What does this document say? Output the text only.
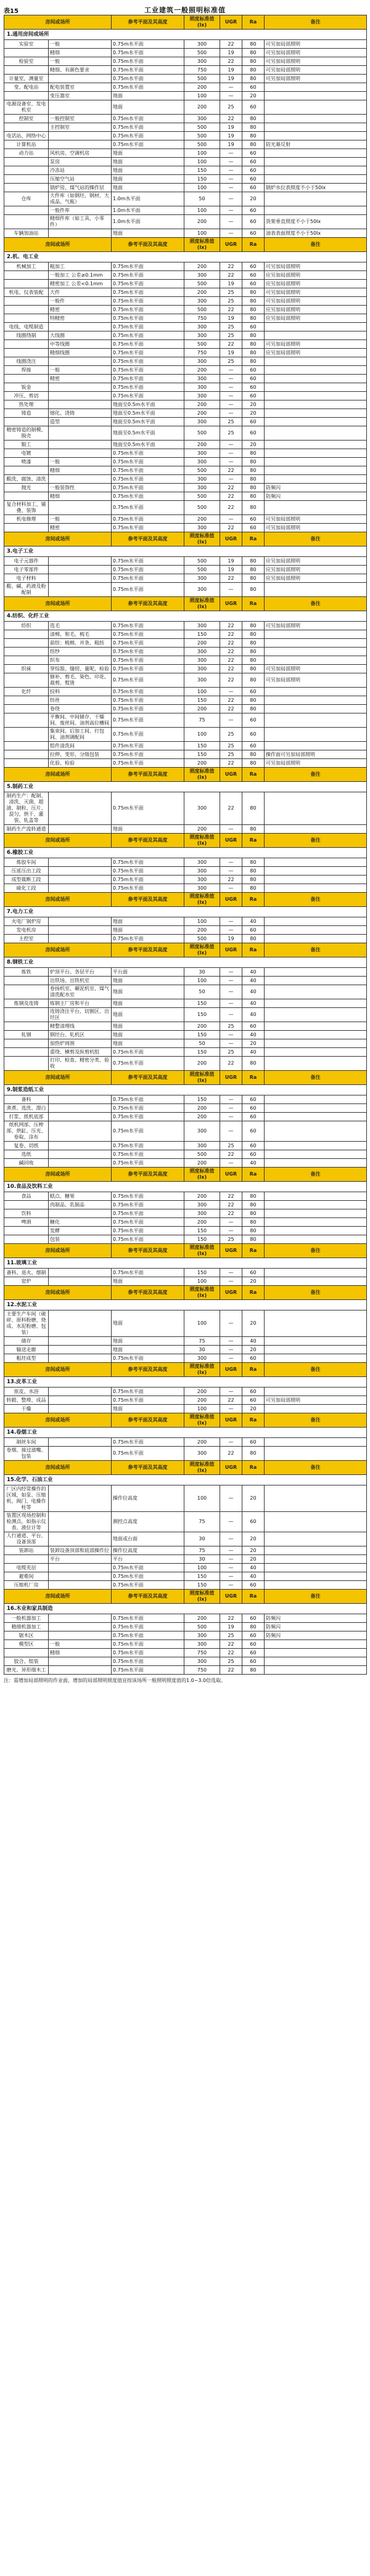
表15	工业建筑一般照明标准值
房间或场所		参考平面及其高度	照度标准值(lx)	UGR	Ra	备注
1.通用房间或场所						
实验室	一般	0.75m水平面	300	22	80	可另加局部照明
	精细	0.75m水平面	500	19	80	可另加局部照明
检验室	一般	0.75m水平面	300	22	80	可另加局部照明
	精细、有颜色要求	0.75m水平面	750	19	80	可另加局部照明
计量室，测量室		0.75m水平面	500	19	80	可另加局部照明
变、配电站	配电装置室	0.75m水平面	200	—	60	
	变压器室	地面	100	—	20	
电源设备室、发电机室		地面	200	25	60	
控制室	一般控制室	0.75m水平面	300	22	80	
	主控制室	0.75m水平面	500	19	80	
电话站、网络中心		0.75m水平面	500	19	80	
计算机站		0.75m水平面	500	19	80	防光幕反射
动力站	风机房、空调机房	地面	100	—	60	
	泵房	地面	100	—	60	
	冷冻站	地面	150	—	60	
	压缩空气站	地面	150	—	60	
	锅炉房、煤气站的操作层	地面	100	—	60	锅炉水位表照度不小于50lx
仓库	大件库（如钢坯、钢材、大成品、气瓶）	1.0m水平面	50	—	20	
	一般件库	1.0m水平面	100	—	60	
	精细件库（如工具、小零件）	1.0m水平面	200	—	60	货架垂直照度不小于50lx
车辆加油站		地面	100	—	60	油表表面照度不小于50lx
房间或场所		参考平面及其高度	照度标准值(lx)	UGR	Ra	备注
2.机、电工业						
机械加工	粗加工	0.75m水平面	200	22	60	可另加局部照明
	一般加工 公差≥0.1mm	0.75m水平面	300	22	60	应另加局部照明
	精密加工 公差<0.1mm	0.75m水平面	500	19	60	应另加局部照明
机电、仪表装配	大件	0.75m水平面	200	25	80	可另加局部照明
	一般件	0.75m水平面	300	25	80	可另加局部照明
	精密	0.75m水平面	500	22	80	应另加局部照明
	特精密	0.75m水平面	750	19	80	应另加局部照明
电线、电缆制造		0.75m水平面	300	25	60	
线圈绕制	大线圈	0.75m水平面	300	25	80	
	中等线圈	0.75m水平面	500	22	80	可另加局部照明
	精细线圈	0.75m水平面	750	19	80	应另加局部照明
线圈浇注		0.75m水平面	300	25	80	
焊接	一般	0.75m水平面	200	—	60	
	精密	0.75m水平面	300	—	60	
钣金		0.75m水平面	300	—	60	
冲压、剪切		0.75m水平面	300	—	60	
热处理		地面至0.5m水平面	200	—	20	
铸造	熔化、浇铸	地面至0.5m水平面	200	—	20	
	造型	地面至0.5m水平面	300	25	60	
精密铸造的制模、脱壳		地面至0.5m水平面	500	25	60	
锻工		地面至0.5m水平面	200	—	20	
电镀		0.75m水平面	300	—	80	
喷漆	一般	0.75m水平面	300	—	80	
	精细	0.75m水平面	500	22	80	
酸洗、腐蚀、清洗		0.75m水平面	300	—	80	
抛光	一般装饰性	0.75m水平面	300	22	80	防频闪
	精细	0.75m水平面	500	22	80	防频闪
复合材料加工、铺叠、装饰		0.75m水平面	500	22	80	
机电修理	一般	0.75m水平面	200	—	60	可另加局部照明
	精密	0.75m水平面	300	22	60	可另加局部照明
房间或场所		参考平面及其高度	照度标准值(lx)	UGR	Ra	备注
3.电子工业						
电子元器件		0.75m水平面	500	19	80	应另加局部照明
电子零部件		0.75m水平面	500	19	80	应另加局部照明
电子材料		0.75m水平面	300	22	80	应另加局部照明
酸、碱、药液及粉配制		0.75m水平面	300	—	80	
房间或场所		参考平面及其高度	照度标准值(lx)	UGR	Ra	备注
4.纺织、化纤工业						
纺织	选毛	0.75m水平面	300	22	80	可另加局部照明
	清棉、和毛、梳毛	0.75m水平面	150	22	80	
	前纺：梳棉、并条、粗纺	0.75m水平面	200	22	80	
	纺纱	0.75m水平面	300	22	80	
	织布	0.75m水平面	300	22	80	
织袜	穿综筘、缝纫、量呢、检验	0.75m水平面	300	22	80	可另加局部照明
	修补、剪毛、染色、印花、裁剪、熨烫	0.75m水平面	300	22	80	可另加局部照明
化纤	投料	0.75m水平面	100	—	60	
	纺丝	0.75m水平面	150	22	80	
	卷绕	0.75m水平面	200	22	80	
	平衡间、中间储存、干燥间、废丝间、油剂高位槽间	0.75m水平面	75	—	60	
	集束间、后加工间、打包间、油剂调配间	0.75m水平面	100	25	60	
	组件清洗间	0.75m水平面	150	25	60	
	拉伸、变形、分级包装	0.75m水平面	150	25	80	操作面可另加局部照明
	化验、检验	0.75m水平面	200	22	80	可另加局部照明
房间或场所		参考平面及其高度	照度标准值(lx)	UGR	Ra	备注
5.制药工业						
制药生产：配制、清洗、灭菌、超滤、制粒、压片、混匀、烘干、灌装、轧盖等		0.75m水平面	300	22	80	
制药生产流转通道		地面	200	—	80	
房间或场所		参考平面及其高度	照度标准值(lx)	UGR	Ra	备注
6.橡胶工业						
炼胶车间		0.75m水平面	300	—	80	
压延压出工段		0.75m水平面	300	—	80	
成型裁断工段		0.75m水平面	300	22	80	
硫化工段		0.75m水平面	300	—	80	
房间或场所		参考平面及其高度	照度标准值(lx)	UGR	Ra	备注
7.电力工业						
火电厂锅炉房		地面	100	—	40	
发电机房		地面	200	—	60	
主控室		0.75m水平面	500	19	80	
房间或场所		参考平面及其高度	照度标准值(lx)	UGR	Ra	备注
8.钢铁工业						
炼铁	炉顶平台、各层平台	平台面	30	—	40	
	出铁场、出铁机室	地面	100	—	40	
	卷扬机室、碾泥机室、煤气清洗配水室	地面	50	—	40	
炼钢及连铸	炼钢主厂房和平台	地面	150	—	40	
	连铸浇注平台、切割区、出坯区	地面	150	—	40	
	精整清理线	地面	200	25	60	
轧钢	钢坯台、轧机区	地面	150	—	40	
	加热炉周围	地面	50	—	20	
	重绕、横剪及纵剪机组	0.75m水平面	150	25	40	
	打印、检查、精密分类、验收	0.75m水平面	200	22	80	
房间或场所		参考平面及其高度	照度标准值(lx)	UGR	Ra	备注
9.制浆造纸工业						
备料		0.75m水平面	150	—	60	
蒸煮、选洗、漂白		0.75m水平面	200	—	60	
打浆、纸机底部		0.75m水平面	200	—	60	
纸机网部、压榨部、烘缸、压光、卷取、涂布		0.75m水平面	300	—	60	
复卷、切纸		0.75m水平面	300	25	60	
选纸		0.75m水平面	500	22	60	
碱回收		0.75m水平面	200	—	40	
房间或场所		参考平面及其高度	照度标准值(lx)	UGR	Ra	备注
10.食品及饮料工业						
食品	糕点、糖果	0.75m水平面	200	22	80	
	肉制品、乳制品	0.75m水平面	300	22	80	
饮料		0.75m水平面	300	22	80	
啤酒	糖化	0.75m水平面	200	—	80	
	发酵	0.75m水平面	150	—	80	
	包装	0.75m水平面	150	25	80	
房间或场所		参考平面及其高度	照度标准值(lx)	UGR	Ra	备注
11.玻璃工业						
备料、退火、熔制		0.75m水平面	150	—	60	
窑炉		地面	100	—	20	
房间或场所		参考平面及其高度	照度标准值(lx)	UGR	Ra	备注
12.水泥工业						
主要生产车间（破碎、原料粉磨、烧成、水泥粉磨、包装）		地面	100	—	20	
储存		地面	75	—	40	
输送走廊		地面	30	—	20	
粗坯成型		0.75m水平面	300	—	60	
房间或场所		参考平面及其高度	照度标准值(lx)	UGR	Ra	备注
13.皮革工业						
原皮、水浴		0.75m水平面	200	—	60	
转毂、整理、成品		0.75m水平面	200	22	60	可另加局部照明
干燥		地面	100	—	20	
房间或场所		参考平面及其高度	照度标准值(lx)	UGR	Ra	备注
14.卷烟工业						
制丝车间		0.75m水平面	200	—	60	
卷烟、接过滤嘴、包装		0.75m水平面	300	22	80	
房间或场所		参考平面及其高度	照度标准值(lx)	UGR	Ra	备注
15.化学、石油工业						
厂区内经常操作的区域，如泵、压缩机、阀门、电操作柱等		操作位高度	100	—	20	
装置区现场控制和检测点，如指示仪表、液位计等		测控点高度	75	—	60	
人行通道、平台、设备顶部		地面或台面	30	—	20	
装卸站	装卸设备顶部和底部操作位	操作位高度	75	—	20	
	平台	平台	30	—	20	
电缆夹层		0.75m水平面	100	—	40	
避难间		0.75m水平面	150	—	40	
压缩机厂房		0.75m水平面	150	—	60	
房间或场所		参考平面及其高度	照度标准值(lx)	UGR	Ra	备注
16.木业和家具制造						
一般机器加工		0.75m水平面	200	22	60	防频闪
精细机器加工		0.75m水平面	500	19	80	防频闪
锯木区		0.75m水平面	300	25	60	防频闪
模型区	一般	0.75m水平面	300	22	60	
	精细	0.75m水平面	750	22	60	
胶合、组装		0.75m水平面	300	25	60	
磨光、异形细木工		0.75m水平面	750	22	80	
注：需增加局部照明的作业面，增加的局部照明照度值宜按该场所一般照明照度值的1.0~3.0倍选取。
